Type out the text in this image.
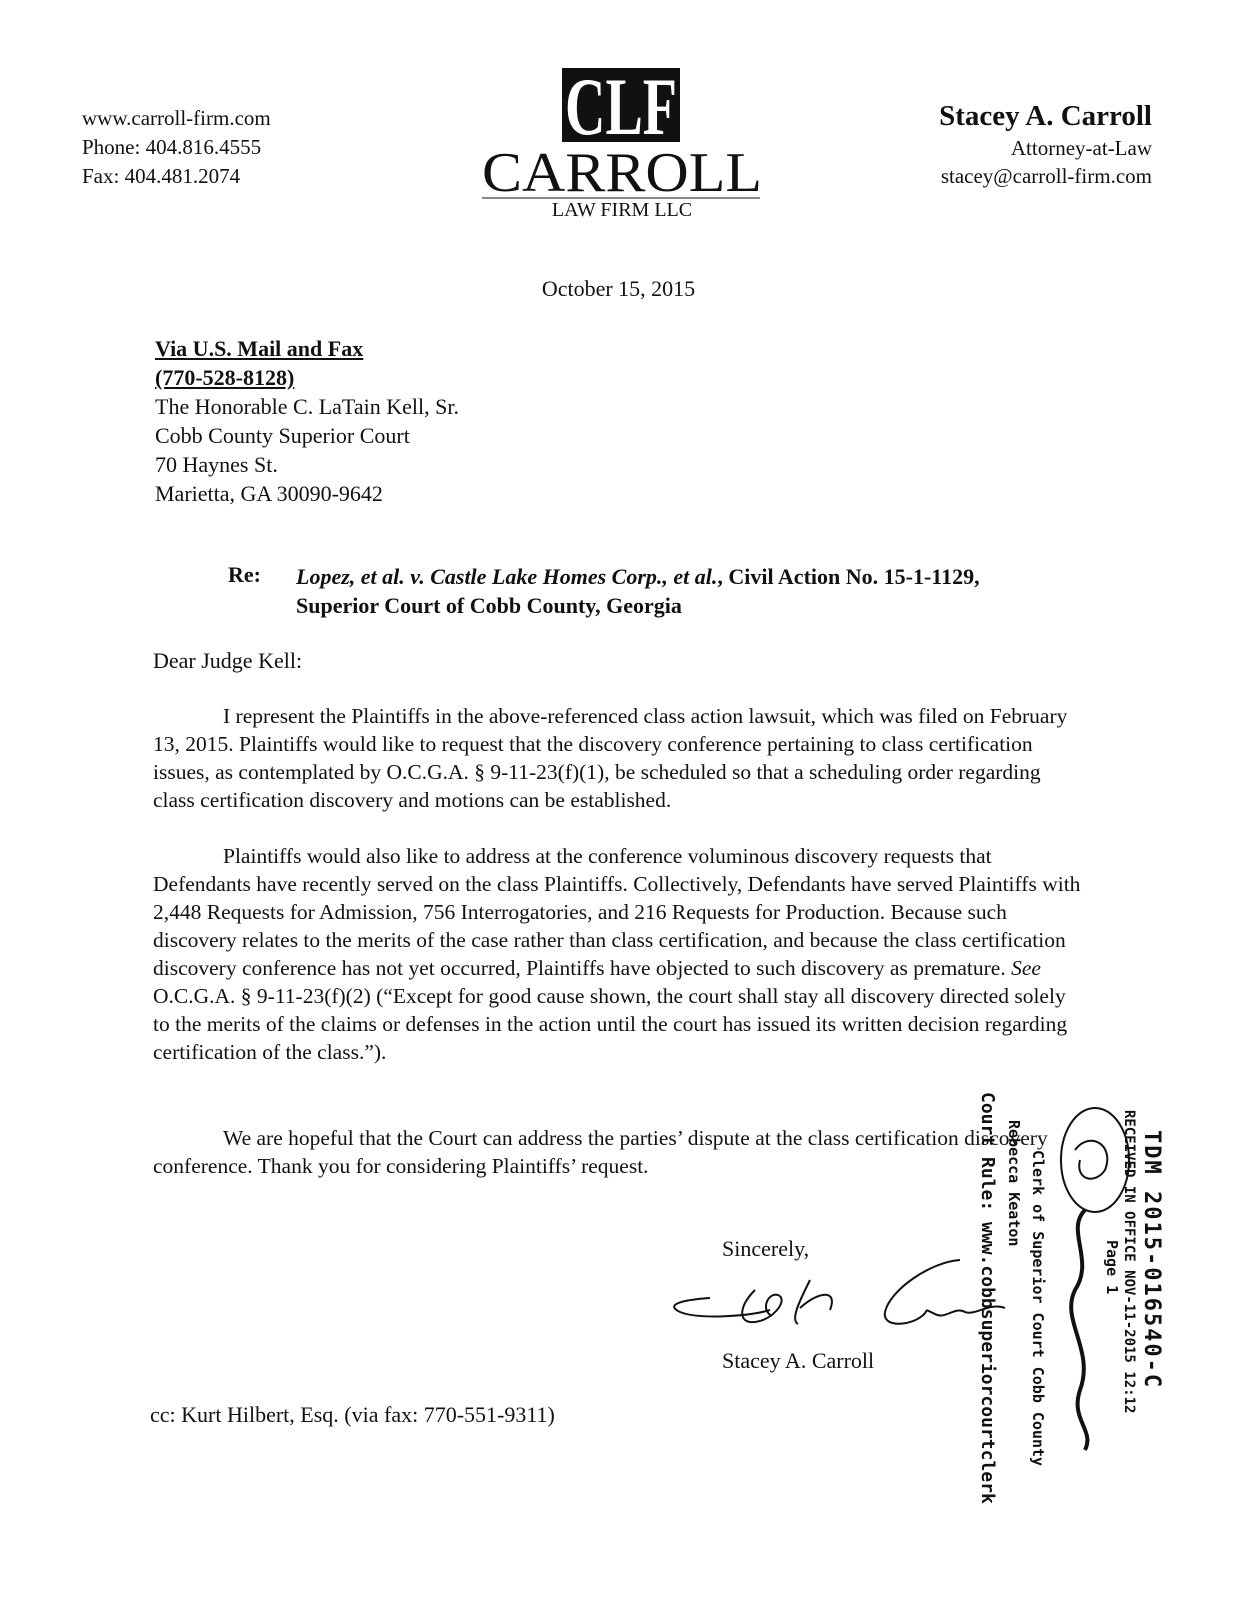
www.carroll-firm.com
Phone: 404.816.4555
Fax: 404.481.2074
CLF
CARROLL
LAW FIRM LLC
Stacey A. Carroll
Attorney-at-Law
stacey@carroll-firm.com
October 15, 2015
Via U.S. Mail and Fax
(770-528-8128)
The Honorable C. LaTain Kell, Sr.
Cobb County Superior Court
70 Haynes St.
Marietta, GA 30090-9642
Re: Lopez, et al. v. Castle Lake Homes Corp., et al., Civil Action No. 15-1-1129,
Superior Court of Cobb County, Georgia
Dear Judge Kell:

I represent the Plaintiffs in the above-referenced class action lawsuit, which was filed on February 13, 2015. Plaintiffs would like to request that the discovery conference pertaining to class certification issues, as contemplated by O.C.G.A. § 9-11-23(f)(1), be scheduled so that a scheduling order regarding class certification discovery and motions can be established.

Plaintiffs would also like to address at the conference voluminous discovery requests that Defendants have recently served on the class Plaintiffs. Collectively, Defendants have served Plaintiffs with 2,448 Requests for Admission, 756 Interrogatories, and 216 Requests for Production. Because such discovery relates to the merits of the case rather than class certification, and because the class certification discovery conference has not yet occurred, Plaintiffs have objected to such discovery as premature. See O.C.G.A. § 9-11-23(f)(2) (“Except for good cause shown, the court shall stay all discovery directed solely to the merits of the claims or defenses in the action until the court has issued its written decision regarding certification of the class.”).

We are hopeful that the Court can address the parties’ dispute at the class certification discovery conference. Thank you for considering Plaintiffs’ request.

Sincerely,
Stacey A. Carroll
cc: Kurt Hilbert, Esq. (via fax: 770-551-9311)	Court Rule: www.cobbsuperiorcourtclerk Rebecca Keaton Clerk of Superior Court Cobb County	RECEIVED IN OFFICE NOV-11-2015 12:12
Page 1 TDM 2015-016540-C
